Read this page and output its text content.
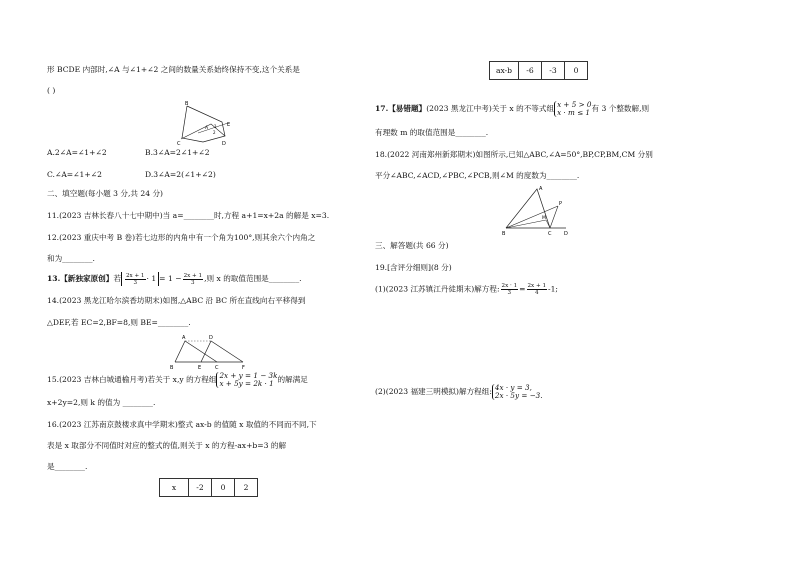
形 BCDE 内部时,∠A 与∠1+∠2 之间的数量关系始终保持不变,这个关系是
( )
B
A 1
2
E
C	D
A.2∠A=∠1+∠2	B.3∠A=2∠1+∠2
C.∠A=∠1+∠2	D.3∠A=2(∠1+∠2)
二、填空题(每小题 3 分,共 24 分)
11.(2023 吉林长春八十七中期中)当 a=________时,方程 a+1=x+2a 的解是 x=3.
12.(2023 重庆中考 B 卷)若七边形的内角中有一个角为100°,则其余六个内角之
和为________.
13.【新独家原创】若 $\frac{2x + 1}{3} \cdot 1 = 1 - \frac{2x + 1}{3}$ ,则 x 的取值范围是________.
14.(2023 黑龙江哈尔滨香坊期末)如图,△ABC 沿 BC 所在直线向右平移得到
△DEF,若 EC=2,BF=8,则 BE=________.
A	D
B	E	C	F
15.(2023 吉林白城通榆月考)若关于 x,y 的方程组 2x + y = 1 − 3k
x + 5y = 2k · 1 的解满足
x+2y=2,则 k 的值为 ________.
16.(2023 江苏南京鼓楼求真中学期末)整式 ax-b 的值随 x 取值的不同而不同,下
表是 x 取部分不同值时对应的整式的值,则关于 x 的方程-ax+b=3 的解
是________.
x	-2	0	2
ax-b	-6	-3	0
17.【易错题】(2023 黑龙江中考)关于 x 的不等式组 x + 5 > 0
x · m ≤ 1 有 3 个整数解,则
有理数 m 的取值范围是________.
18.(2022 河南郑州新郑期末)如图所示,已知△ABC,∠A=50°,BP,CP,BM,CM 分别
平分∠ABC,∠ACD,∠PBC,∠PCB,则∠M 的度数为________.
A
P
M
B	C	D
三、解答题(共 66 分)
19.[含评分细则](8 分)
(1)(2023 江苏镇江丹徒期末)解方程: $\frac{2x \cdot 1}{3} = \frac{2x + 1}{4} -1$;
(2)(2023 福建三明模拟)解方程组: 4x · y = 3,
2x · 5y = −3.
